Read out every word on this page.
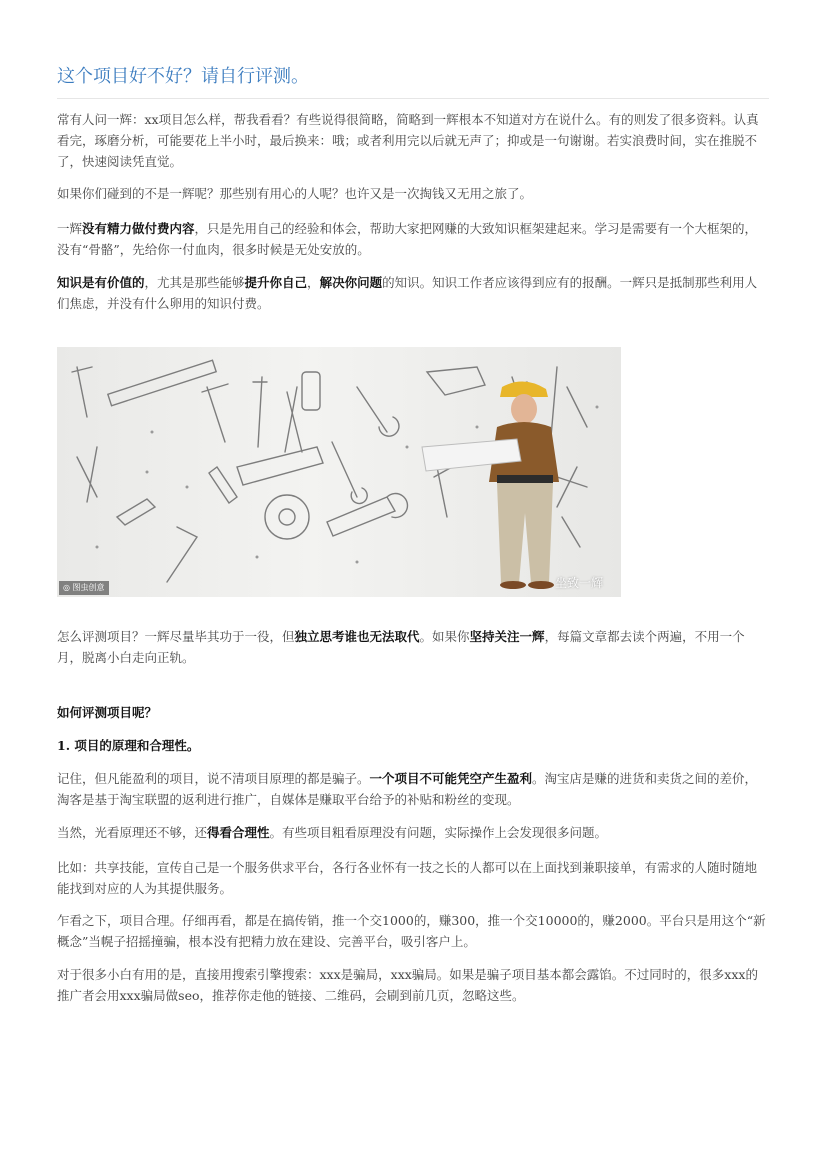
这个项目好不好？请自行评测。
常有人问一辉：xx项目怎么样，帮我看看？有些说得很简略，简略到一辉根本不知道对方在说什么。有的则发了很多资料。认真看完，琢磨分析，可能要花上半小时，最后换来：哦；或者利用完以后就无声了；抑或是一句谢谢。若实浪费时间，实在推脱不了，快速阅读凭直觉。
如果你们碰到的不是一辉呢？那些别有用心的人呢？也许又是一次掏钱又无用之旅了。
一辉没有精力做付费内容，只是先用自己的经验和体会，帮助大家把网赚的大致知识框架建起来。学习是需要有一个大框架的，没有“骨骼”，先给你一付血肉，很多时候是无处安放的。
知识是有价值的，尤其是那些能够提升你自己，解决你问题的知识。知识工作者应该得到应有的报酬。一辉只是抵制那些利用人们焦虑，并没有什么卵用的知识付费。
◎ 图虫创意	坐致一辉
怎么评测项目？一辉尽量毕其功于一役，但独立思考谁也无法取代。如果你坚持关注一辉，每篇文章都去读个两遍，不用一个月，脱离小白走向正轨。
如何评测项目呢？
1. 项目的原理和合理性。
记住，但凡能盈利的项目，说不清项目原理的都是骗子。一个项目不可能凭空产生盈利。淘宝店是赚的进货和卖货之间的差价，淘客是基于淘宝联盟的返利进行推广，自媒体是赚取平台给予的补贴和粉丝的变现。
当然，光看原理还不够，还得看合理性。有些项目粗看原理没有问题，实际操作上会发现很多问题。
比如：共享技能，宣传自己是一个服务供求平台，各行各业怀有一技之长的人都可以在上面找到兼职接单，有需求的人随时随地能找到对应的人为其提供服务。
乍看之下，项目合理。仔细再看，都是在搞传销，推一个交1000的，赚300，推一个交10000的，赚2000。平台只是用这个“新概念”当幌子招摇撞骗，根本没有把精力放在建设、完善平台，吸引客户上。
对于很多小白有用的是，直接用搜索引擎搜索：xxx是骗局，xxx骗局。如果是骗子项目基本都会露馅。不过同时的，很多xxx的推广者会用xxx骗局做seo，推荐你走他的链接、二维码，会刷到前几页，忽略这些。
